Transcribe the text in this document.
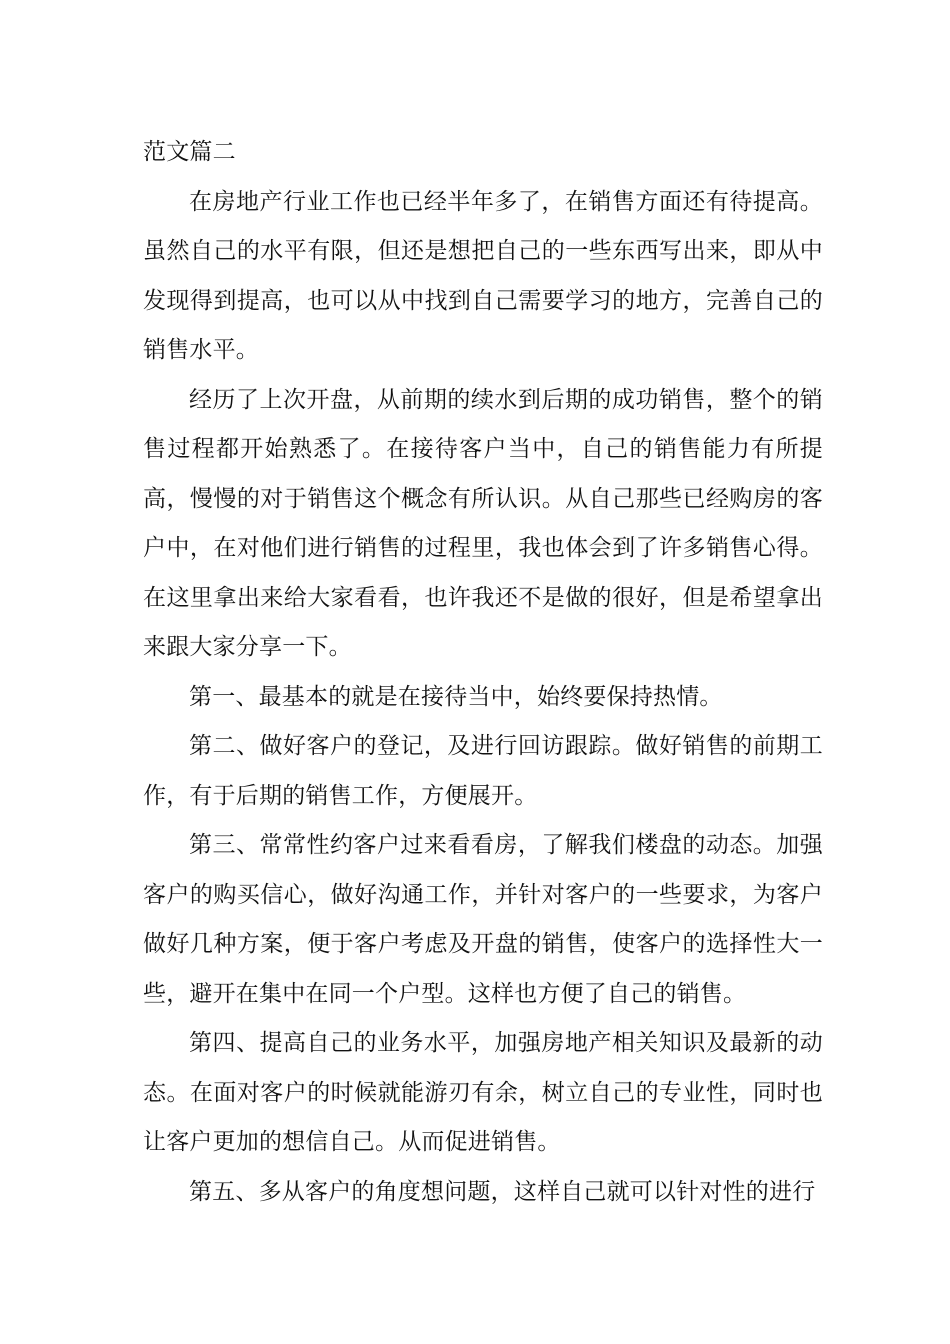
范文篇二

在房地产行业工作也已经半年多了，在销售方面还有待提高。虽然自己的水平有限，但还是想把自己的一些东西写出来，即从中发现得到提高，也可以从中找到自己需要学习的地方，完善自己的销售水平。

经历了上次开盘，从前期的续水到后期的成功销售，整个的销售过程都开始熟悉了。在接待客户当中，自己的销售能力有所提高，慢慢的对于销售这个概念有所认识。从自己那些已经购房的客户中，在对他们进行销售的过程里，我也体会到了许多销售心得。在这里拿出来给大家看看，也许我还不是做的很好，但是希望拿出来跟大家分享一下。

第一、最基本的就是在接待当中，始终要保持热情。

第二、做好客户的登记，及进行回访跟踪。做好销售的前期工作，有于后期的销售工作，方便展开。

第三、常常性约客户过来看看房，了解我们楼盘的动态。加强客户的购买信心，做好沟通工作，并针对客户的一些要求，为客户做好几种方案，便于客户考虑及开盘的销售，使客户的选择性大一些，避开在集中在同一个户型。这样也方便了自己的销售。

第四、提高自己的业务水平，加强房地产相关知识及最新的动态。在面对客户的时候就能游刃有余，树立自己的专业性，同时也让客户更加的想信自己。从而促进销售。

第五、多从客户的角度想问题，这样自己就可以针对性的进行
